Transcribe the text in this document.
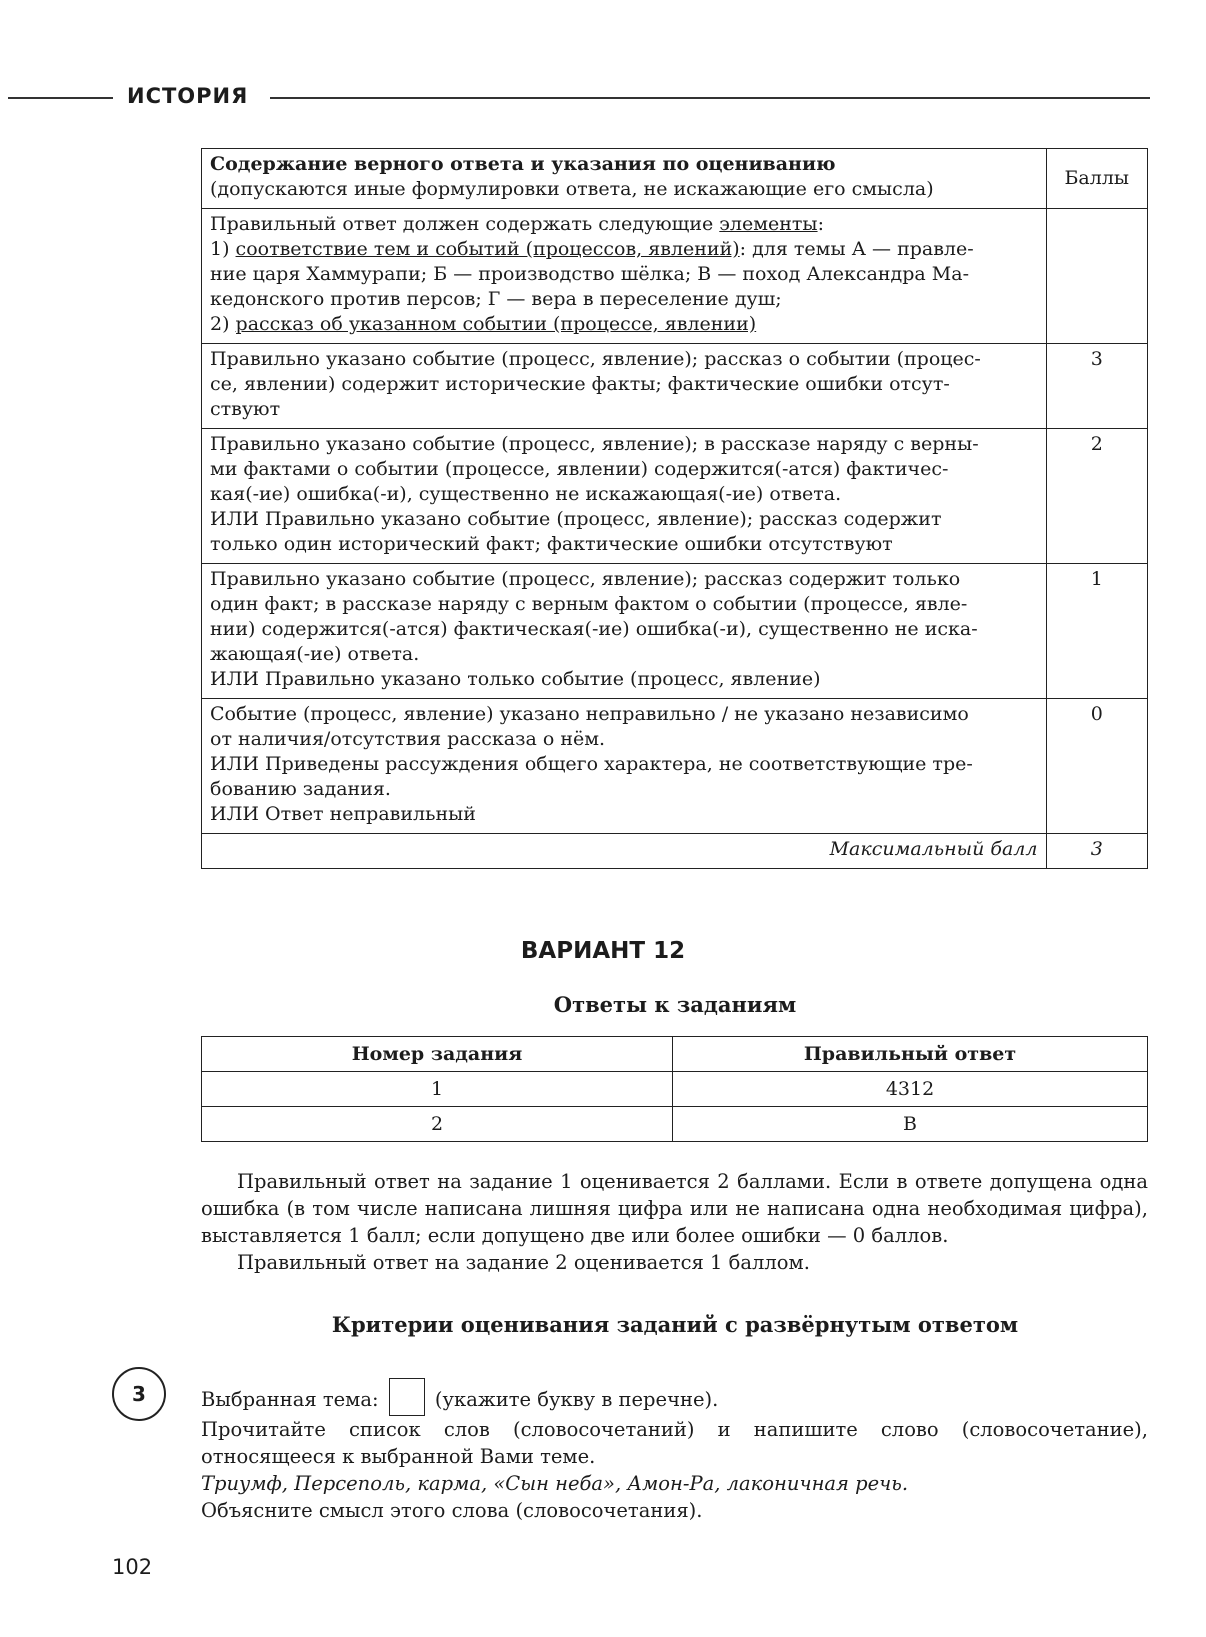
ИСТОРИЯ
Содержание верного ответа и указания по оцениванию
(допускаются иные формулировки ответа, не искажающие его смысла)	Баллы

Правильный ответ должен содержать следующие элементы:
1) соответствие тем и событий (процессов, явлений): для темы А — правле-
ние царя Хаммурапи; Б — производство шёлка; В — поход Александра Ма-
кедонского против персов; Г — вера в переселение душ;
2) рассказ об указанном событии (процессе, явлении)	

Правильно указано событие (процесс, явление); рассказ о событии (процес-
се, явлении) содержит исторические факты; фактические ошибки отсут-
ствуют	3

Правильно указано событие (процесс, явление); в рассказе наряду с верны-
ми фактами о событии (процессе, явлении) содержится(-атся) фактичес-
кая(-ие) ошибка(-и), существенно не искажающая(-ие) ответа.
ИЛИ Правильно указано событие (процесс, явление); рассказ содержит
только один исторический факт; фактические ошибки отсутствуют	2

Правильно указано событие (процесс, явление); рассказ содержит только
один факт; в рассказе наряду с верным фактом о событии (процессе, явле-
нии) содержится(-атся) фактическая(-ие) ошибка(-и), существенно не иска-
жающая(-ие) ответа.
ИЛИ Правильно указано только событие (процесс, явление)	1

Событие (процесс, явление) указано неправильно / не указано независимо
от наличия/отсутствия рассказа о нём.
ИЛИ Приведены рассуждения общего характера, не соответствующие тре-
бованию задания.
ИЛИ Ответ неправильный	0
Максимальный балл	3
ВАРИАНТ 12
Ответы к заданиям
Номер задания	Правильный ответ
1	4312
2	В
Правильный ответ на задание 1 оценивается 2 баллами. Если в ответе допущена одна ошибка (в том числе написана лишняя цифра или не написана одна необходимая цифра), выставляется 1 балл; если допущено две или более ошибки — 0 баллов.
Правильный ответ на задание 2 оценивается 1 баллом.
Критерии оценивания заданий с развёрнутым ответом
3	Выбранная тема:	(укажите букву в перечне).
Прочитайте список слов (словосочетаний) и напишите слово (словосочетание), относящееся к выбранной Вами теме.
Триумф, Персеполь, карма, «Сын неба», Амон-Ра, лаконичная речь.
Объясните смысл этого слова (словосочетания).
102
